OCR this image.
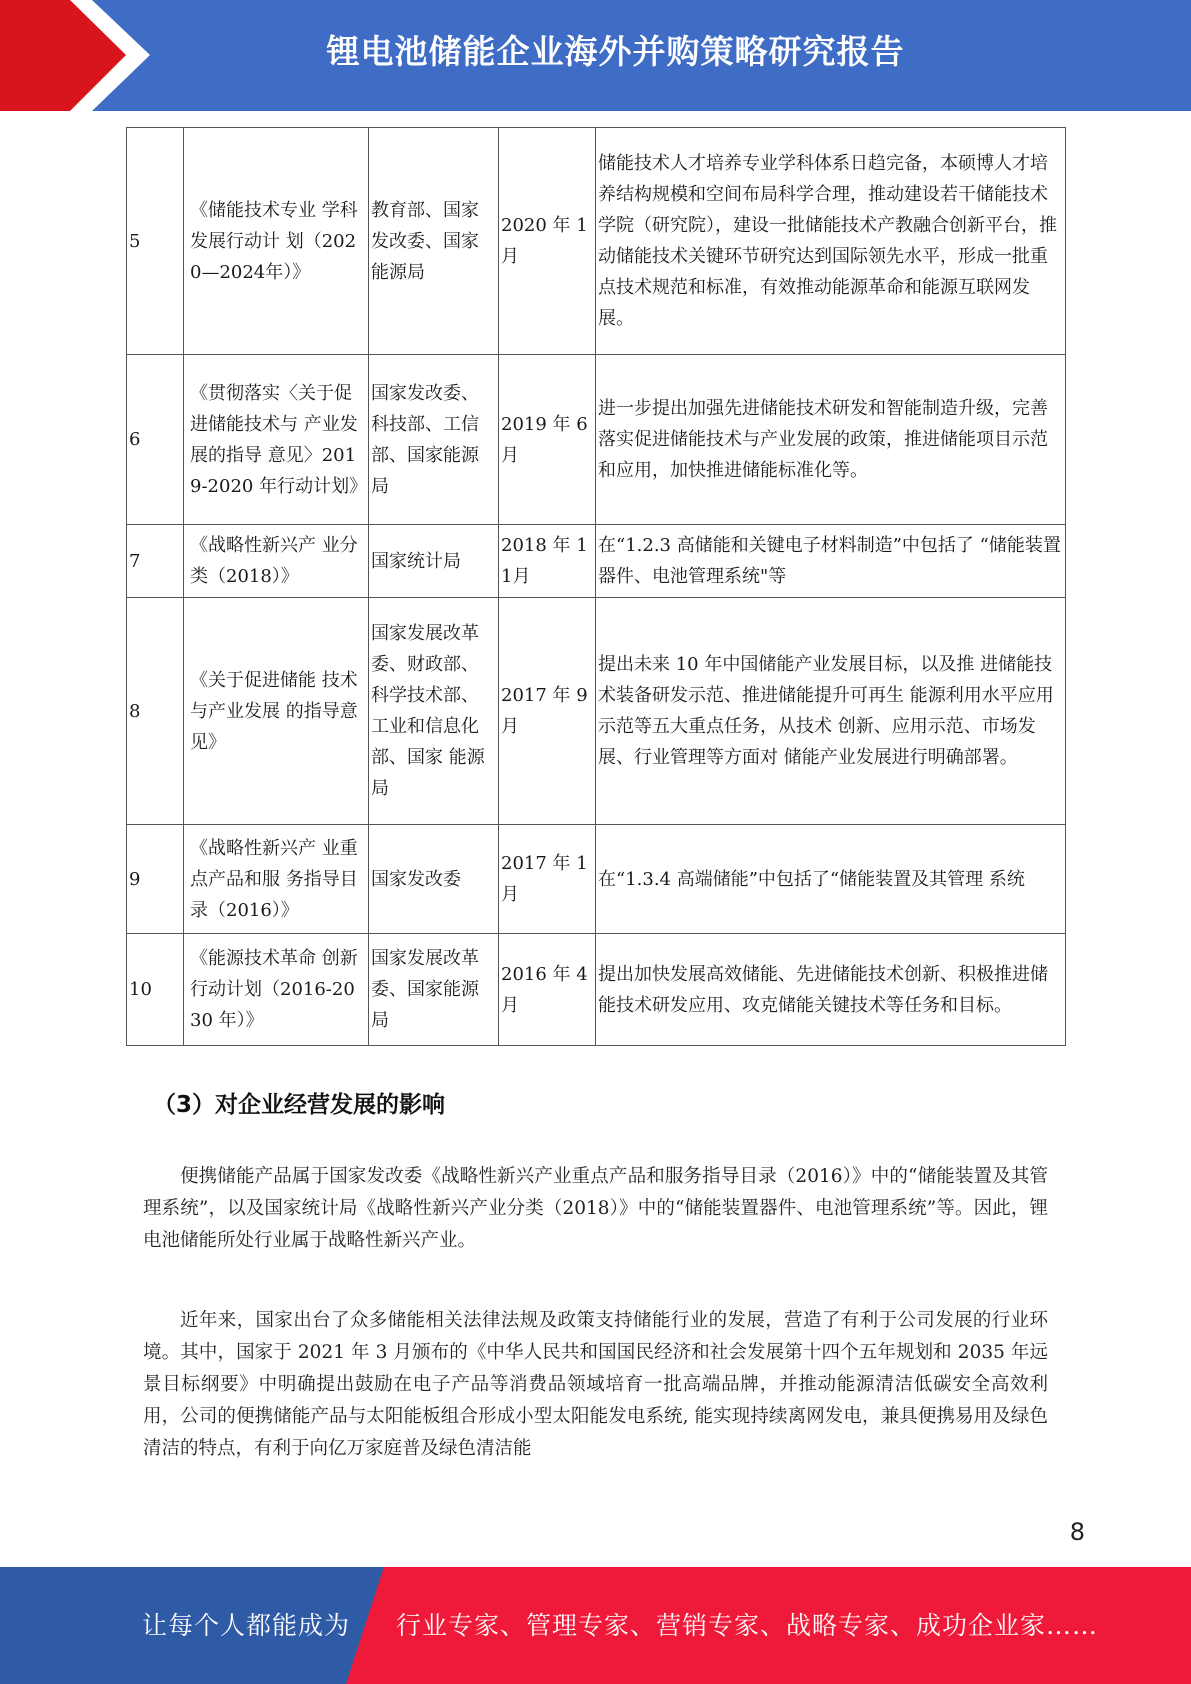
锂电池储能企业海外并购策略研究报告
5	《储能技术专业 学科发展行动计 划（2020—2024年）》	教育部、国家发改委、国家能源局	2020 年 1月	储能技术人才培养专业学科体系日趋完备，本硕博人才培养结构规模和空间布局科学合理，推动建设若干储能技术学院（研究院），建设一批储能技术产教融合创新平台，推动储能技术关键环节研究达到国际领先水平，形成一批重点技术规范和标准，有效推动能源革命和能源互联网发展。
6	《贯彻落实〈关于促进储能技术与 产业发展的指导 意见〉2019-2020 年行动计划》	国家发改委、科技部、工信部、国家能源局	2019 年 6月	进一步提出加强先进储能技术研发和智能制造升级，完善落实促进储能技术与产业发展的政策，推进储能项目示范和应用，加快推进储能标准化等。
7	《战略性新兴产 业分类（2018）》	国家统计局	2018 年 11月	在“1.2.3 高储能和关键电子材料制造”中包括了 “储能装置器件、电池管理系统"等
8	《关于促进储能 技术与产业发展 的指导意见》	国家发展改革委、财政部、科学技术部、工业和信息化部、国家 能源局	2017 年 9月	提出未来 10 年中国储能产业发展目标，以及推 进储能技术装备研发示范、推进储能提升可再生 能源利用水平应用示范等五大重点任务，从技术 创新、应用示范、市场发展、行业管理等方面对 储能产业发展进行明确部署。
9	《战略性新兴产 业重点产品和服 务指导目录（2016）》	国家发改委	2017 年 1月	在“1.3.4 高端储能”中包括了“储能装置及其管理 系统
10	《能源技术革命 创新行动计划（2016-2030 年）》	国家发展改革委、国家能源局	2016 年 4月	提出加快发展高效储能、先进储能技术创新、积极推进储能技术研发应用、攻克储能关键技术等任务和目标。
（3）对企业经营发展的影响

便携储能产品属于国家发改委《战略性新兴产业重点产品和服务指导目录（2016）》中的“储能装置及其管理系统”，以及国家统计局《战略性新兴产业分类（2018）》中的“储能装置器件、电池管理系统”等。因此，锂电池储能所处行业属于战略性新兴产业。

近年来，国家出台了众多储能相关法律法规及政策支持储能行业的发展，营造了有利于公司发展的行业环境。其中，国家于 2021 年 3 月颁布的《中华人民共和国国民经济和社会发展第十四个五年规划和 2035 年远景目标纲要》中明确提出鼓励在电子产品等消费品领域培育一批高端品牌，并推动能源清洁低碳安全高效利用，公司的便携储能产品与太阳能板组合形成小型太阳能发电系统, 能实现持续离网发电，兼具便携易用及绿色清洁的特点，有利于向亿万家庭普及绿色清洁能

8
让每个人都能成为 行业专家、管理专家、营销专家、战略专家、成功企业家……
